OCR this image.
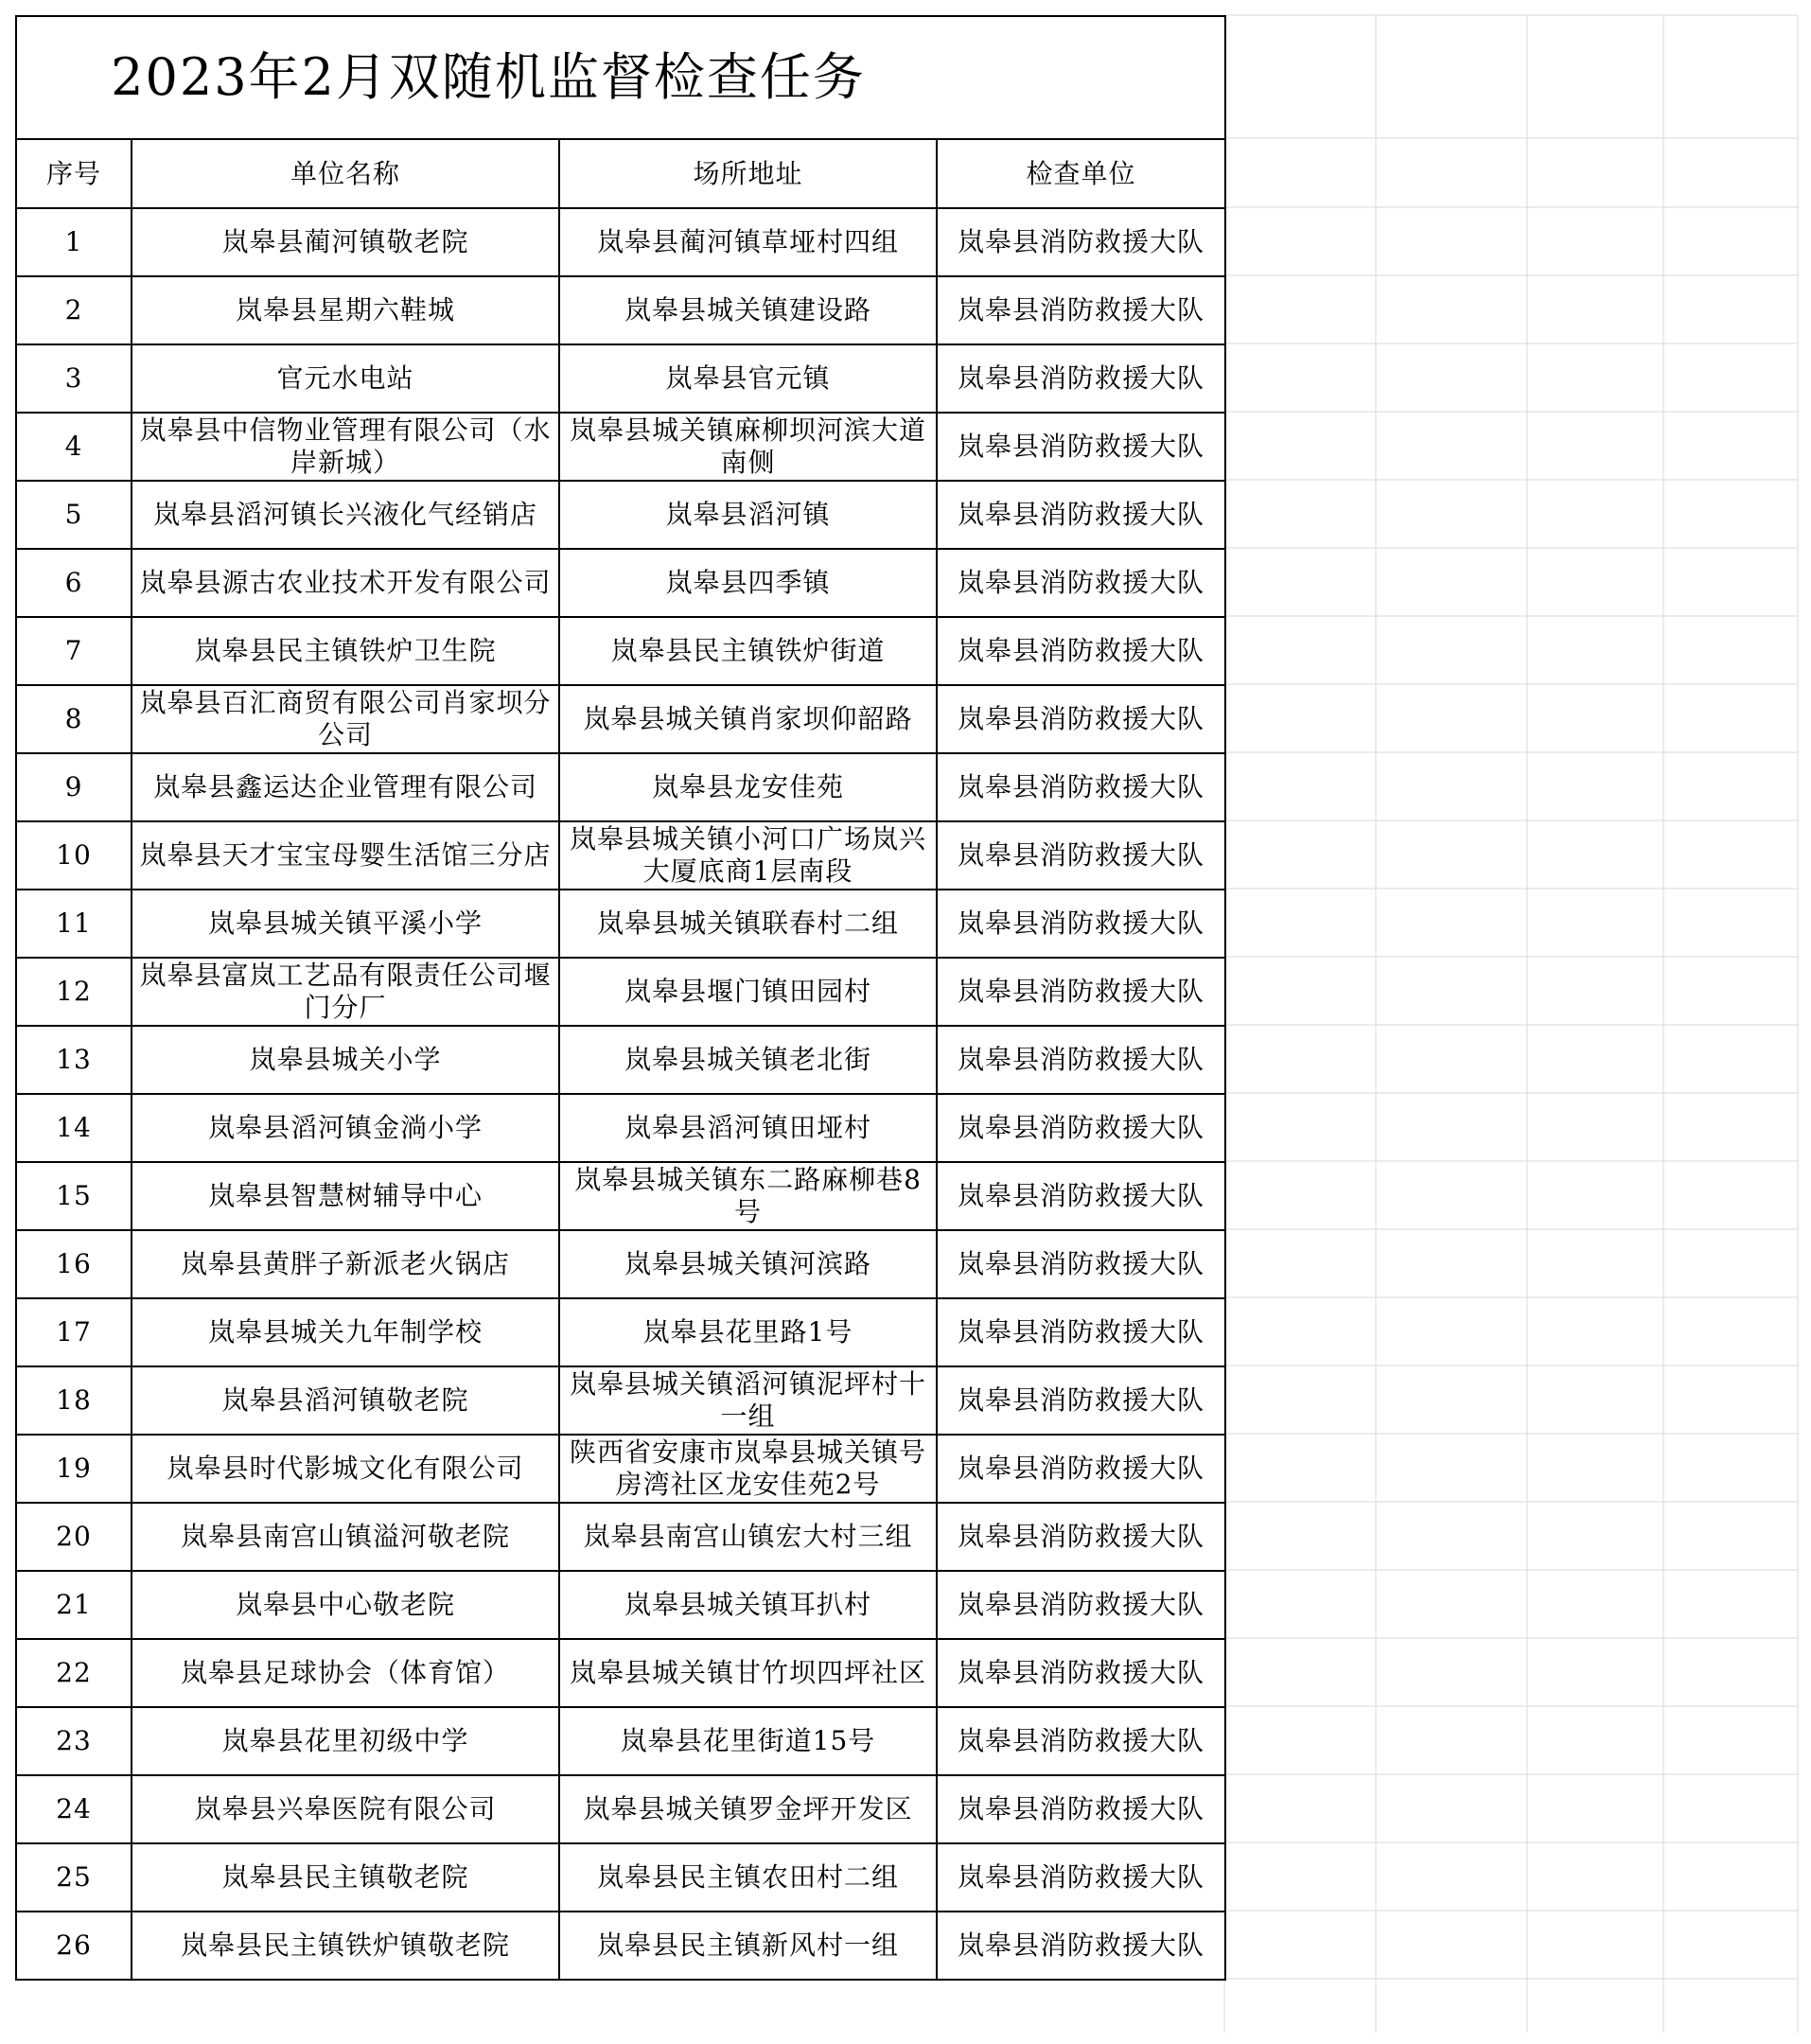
2023年2月双随机监督检查任务			
序号	单位名称	场所地址	检查单位
1	岚皋县蔺河镇敬老院	岚皋县蔺河镇草垭村四组	岚皋县消防救援大队
2	岚皋县星期六鞋城	岚皋县城关镇建设路	岚皋县消防救援大队
3	官元水电站	岚皋县官元镇	岚皋县消防救援大队
4	岚皋县中信物业管理有限公司（水岸新城）	岚皋县城关镇麻柳坝河滨大道南侧	岚皋县消防救援大队
5	岚皋县滔河镇长兴液化气经销店	岚皋县滔河镇	岚皋县消防救援大队
6	岚皋县源古农业技术开发有限公司	岚皋县四季镇	岚皋县消防救援大队
7	岚皋县民主镇铁炉卫生院	岚皋县民主镇铁炉街道	岚皋县消防救援大队
8	岚皋县百汇商贸有限公司肖家坝分公司	岚皋县城关镇肖家坝仰韶路	岚皋县消防救援大队
9	岚皋县鑫运达企业管理有限公司	岚皋县龙安佳苑	岚皋县消防救援大队
10	岚皋县天才宝宝母婴生活馆三分店	岚皋县城关镇小河口广场岚兴大厦底商1层南段	岚皋县消防救援大队
11	岚皋县城关镇平溪小学	岚皋县城关镇联春村二组	岚皋县消防救援大队
12	岚皋县富岚工艺品有限责任公司堰门分厂	岚皋县堰门镇田园村	岚皋县消防救援大队
13	岚皋县城关小学	岚皋县城关镇老北街	岚皋县消防救援大队
14	岚皋县滔河镇金淌小学	岚皋县滔河镇田垭村	岚皋县消防救援大队
15	岚皋县智慧树辅导中心	岚皋县城关镇东二路麻柳巷8号	岚皋县消防救援大队
16	岚皋县黄胖子新派老火锅店	岚皋县城关镇河滨路	岚皋县消防救援大队
17	岚皋县城关九年制学校	岚皋县花里路1号	岚皋县消防救援大队
18	岚皋县滔河镇敬老院	岚皋县城关镇滔河镇泥坪村十一组	岚皋县消防救援大队
19	岚皋县时代影城文化有限公司	陕西省安康市岚皋县城关镇号房湾社区龙安佳苑2号	岚皋县消防救援大队
20	岚皋县南宫山镇溢河敬老院	岚皋县南宫山镇宏大村三组	岚皋县消防救援大队
21	岚皋县中心敬老院	岚皋县城关镇耳扒村	岚皋县消防救援大队
22	岚皋县足球协会（体育馆）	岚皋县城关镇甘竹坝四坪社区	岚皋县消防救援大队
23	岚皋县花里初级中学	岚皋县花里街道15号	岚皋县消防救援大队
24	岚皋县兴皋医院有限公司	岚皋县城关镇罗金坪开发区	岚皋县消防救援大队
25	岚皋县民主镇敬老院	岚皋县民主镇农田村二组	岚皋县消防救援大队
26	岚皋县民主镇铁炉镇敬老院	岚皋县民主镇新风村一组	岚皋县消防救援大队
